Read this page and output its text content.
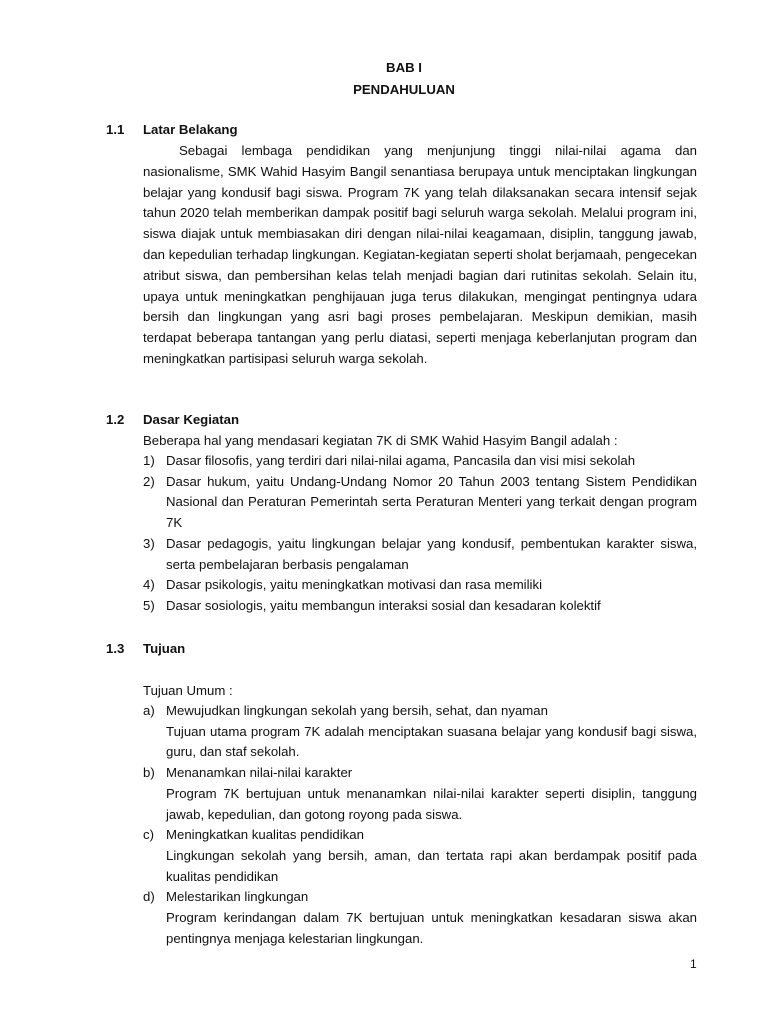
BAB I
PENDAHULUAN
1.1 Latar Belakang

Sebagai lembaga pendidikan yang menjunjung tinggi nilai-nilai agama dan nasionalisme, SMK Wahid Hasyim Bangil senantiasa berupaya untuk menciptakan lingkungan belajar yang kondusif bagi siswa. Program 7K yang telah dilaksanakan secara intensif sejak tahun 2020 telah memberikan dampak positif bagi seluruh warga sekolah. Melalui program ini, siswa diajak untuk membiasakan diri dengan nilai-nilai keagamaan, disiplin, tanggung jawab, dan kepedulian terhadap lingkungan. Kegiatan-kegiatan seperti sholat berjamaah, pengecekan atribut siswa, dan pembersihan kelas telah menjadi bagian dari rutinitas sekolah. Selain itu, upaya untuk meningkatkan penghijauan juga terus dilakukan, mengingat pentingnya udara bersih dan lingkungan yang asri bagi proses pembelajaran. Meskipun demikian, masih terdapat beberapa tantangan yang perlu diatasi, seperti menjaga keberlanjutan program dan meningkatkan partisipasi seluruh warga sekolah.

1.2 Dasar Kegiatan
Beberapa hal yang mendasari kegiatan 7K di SMK Wahid Hasyim Bangil adalah :
1) Dasar filosofis, yang terdiri dari nilai-nilai agama, Pancasila dan visi misi sekolah
2) Dasar hukum, yaitu Undang-Undang Nomor 20 Tahun 2003 tentang Sistem Pendidikan Nasional dan Peraturan Pemerintah serta Peraturan Menteri yang terkait dengan program 7K
3) Dasar pedagogis, yaitu lingkungan belajar yang kondusif, pembentukan karakter siswa, serta pembelajaran berbasis pengalaman
4) Dasar psikologis, yaitu meningkatkan motivasi dan rasa memiliki
5) Dasar sosiologis, yaitu membangun interaksi sosial dan kesadaran kolektif
1.3 Tujuan
Tujuan Umum :
a) Mewujudkan lingkungan sekolah yang bersih, sehat, dan nyaman
Tujuan utama program 7K adalah menciptakan suasana belajar yang kondusif bagi siswa, guru, dan staf sekolah.
b) Menanamkan nilai-nilai karakter
Program 7K bertujuan untuk menanamkan nilai-nilai karakter seperti disiplin, tanggung jawab, kepedulian, dan gotong royong pada siswa.
c) Meningkatkan kualitas pendidikan
Lingkungan sekolah yang bersih, aman, dan tertata rapi akan berdampak positif pada kualitas pendidikan
d) Melestarikan lingkungan
Program kerindangan dalam 7K bertujuan untuk meningkatkan kesadaran siswa akan pentingnya menjaga kelestarian lingkungan.
1
